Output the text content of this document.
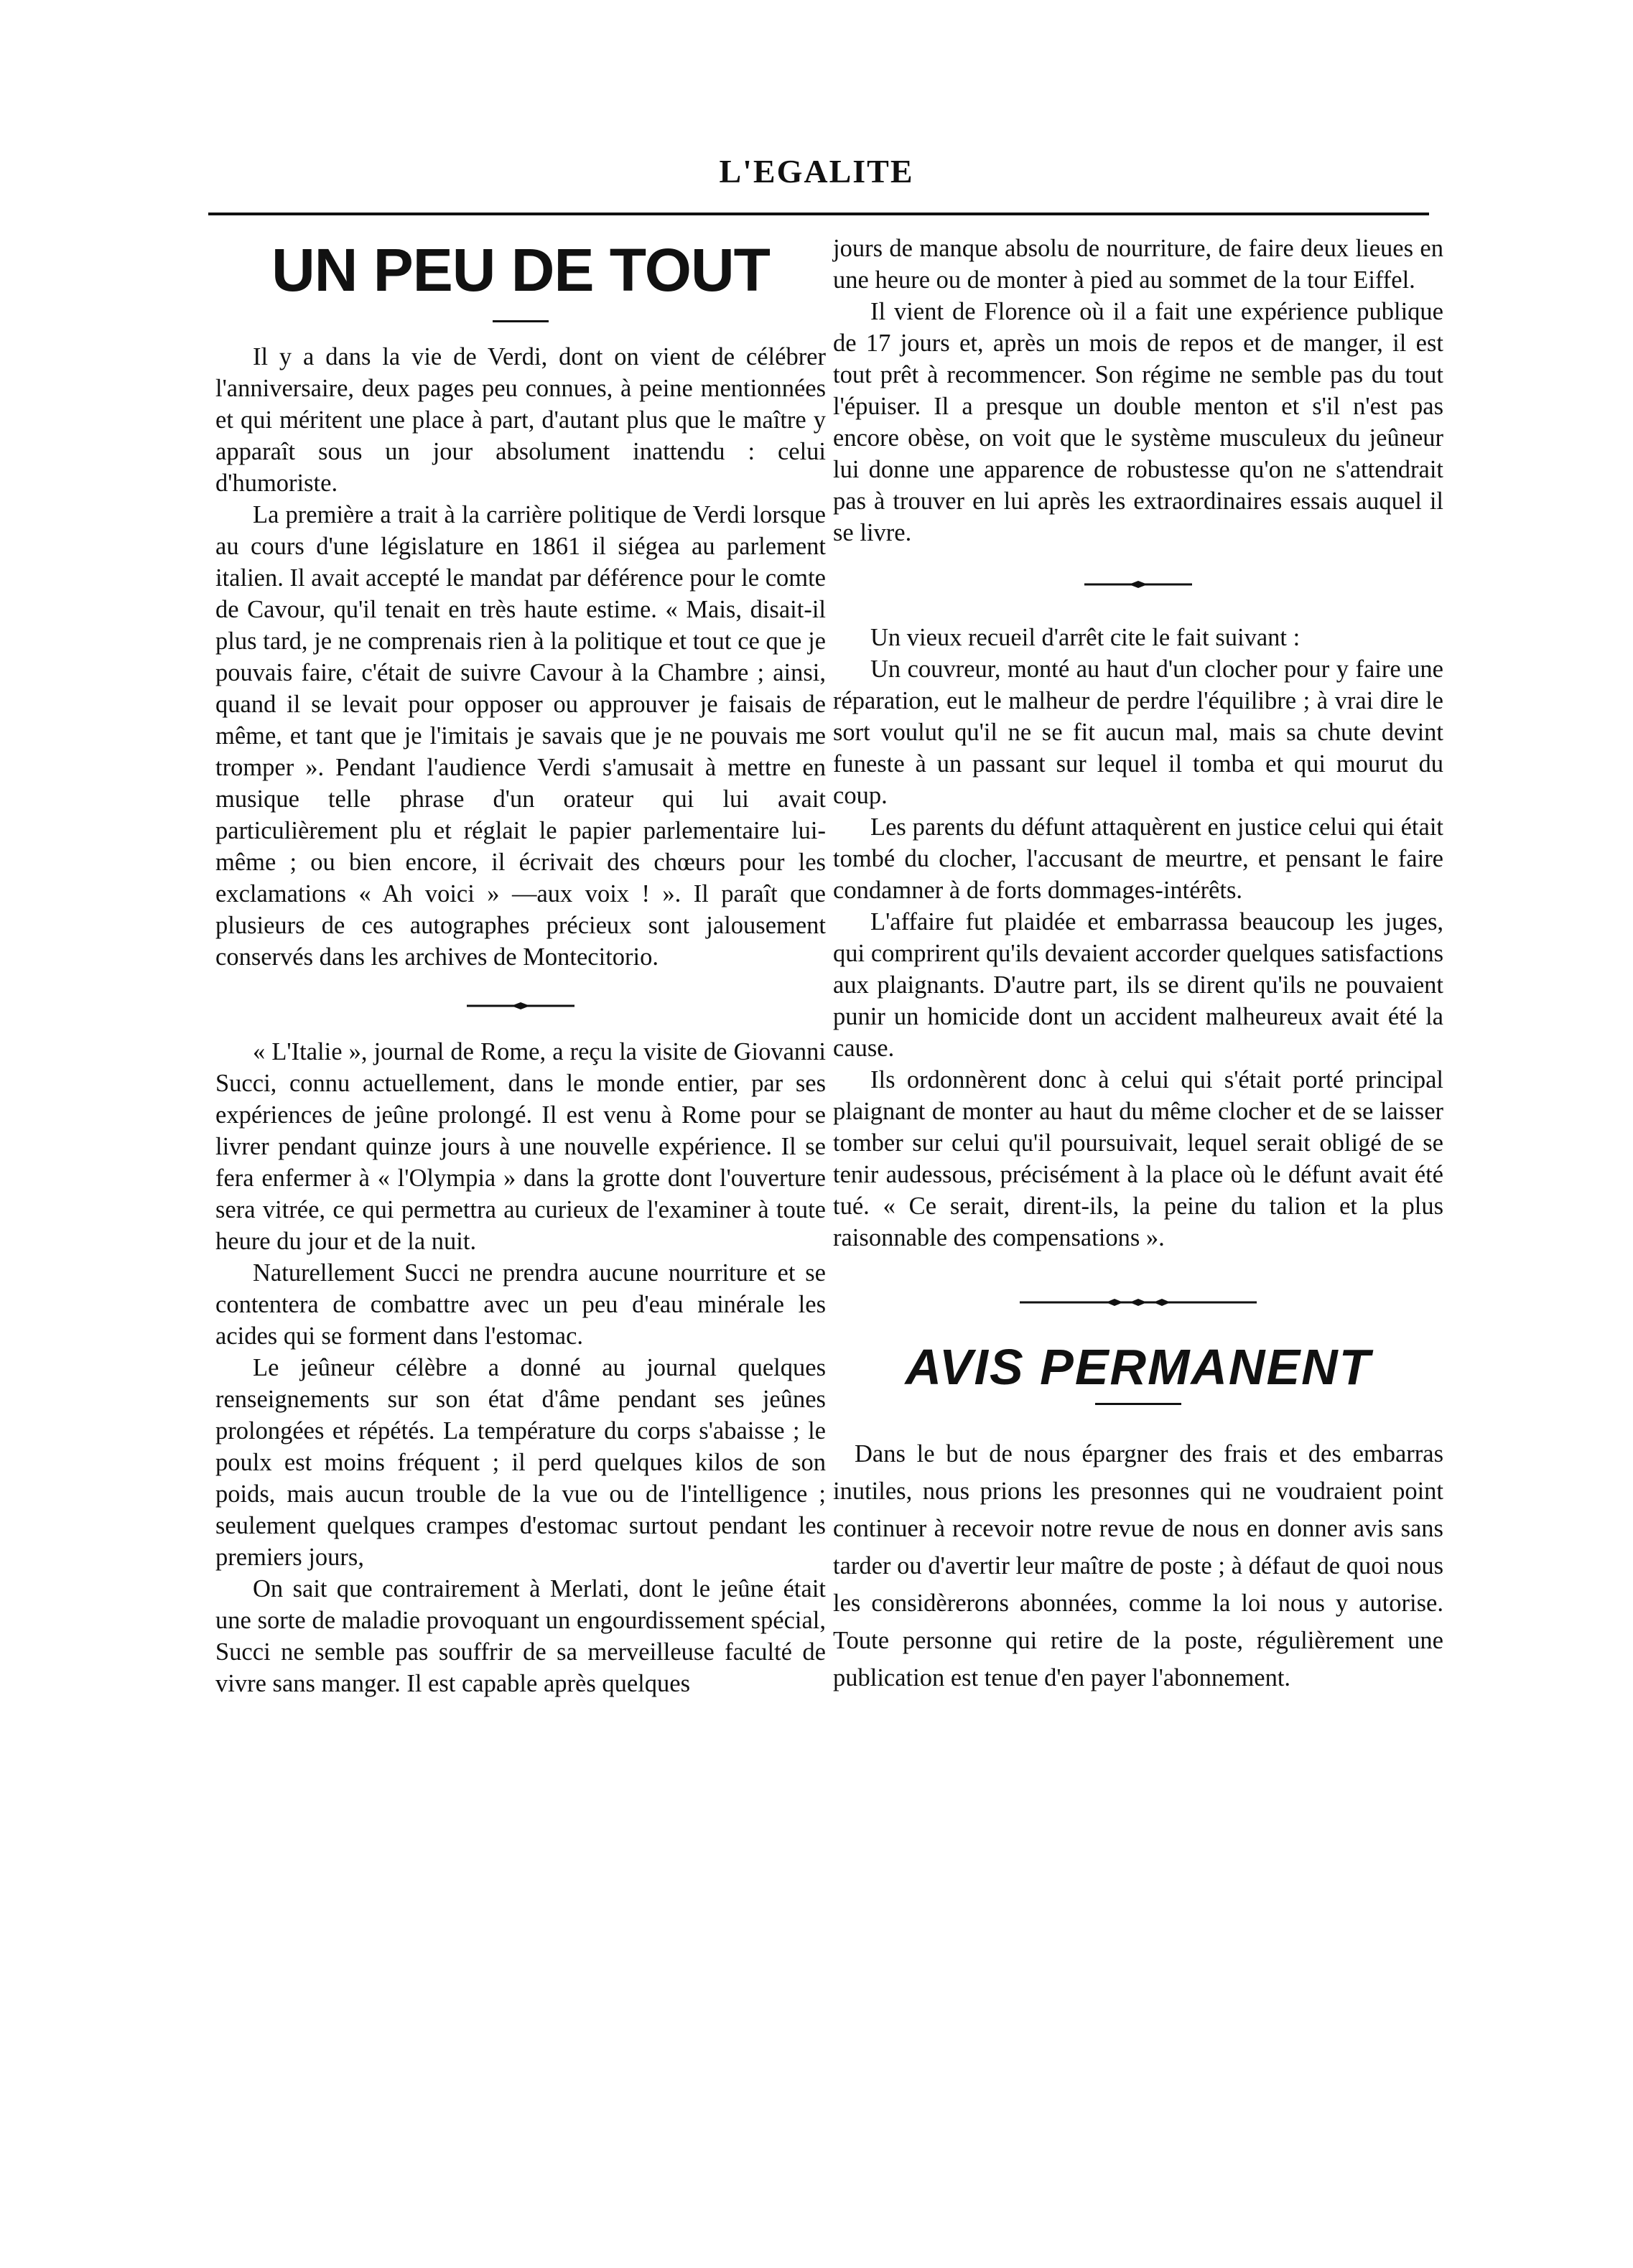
L'EGALITE
UN PEU DE TOUT

Il y a dans la vie de Verdi, dont on vient de célébrer l'anniversaire, deux pages peu connues, à peine mentionnées et qui méritent une place à part, d'autant plus que le maître y apparaît sous un jour absolument inattendu : celui d'humoriste.

La première a trait à la carrière politique de Verdi lorsque au cours d'une législature en 1861 il siégea au parlement italien. Il avait accepté le mandat par déférence pour le comte de Cavour, qu'il tenait en très haute estime. « Mais, disait-il plus tard, je ne comprenais rien à la politique et tout ce que je pouvais faire, c'était de suivre Cavour à la Chambre ; ainsi, quand il se levait pour opposer ou approuver je faisais de même, et tant que je l'imitais je savais que je ne pouvais me tromper ». Pendant l'audience Verdi s'amusait à mettre en musique telle phrase d'un orateur qui lui avait particulièrement plu et réglait le papier parlementaire lui-même ; ou bien encore, il écrivait des chœurs pour les exclamations « Ah voici » —aux voix ! ». Il paraît que plusieurs de ces autographes précieux sont jalousement conservés dans les archives de Montecitorio.

« L'Italie », journal de Rome, a reçu la visite de Giovanni Succi, connu actuellement, dans le monde entier, par ses expériences de jeûne prolongé. Il est venu à Rome pour se livrer pendant quinze jours à une nouvelle expérience. Il se fera enfermer à « l'Olympia » dans la grotte dont l'ouverture sera vitrée, ce qui permettra au curieux de l'examiner à toute heure du jour et de la nuit.

Naturellement Succi ne prendra aucune nourriture et se contentera de combattre avec un peu d'eau minérale les acides qui se forment dans l'estomac.

Le jeûneur célèbre a donné au journal quelques renseignements sur son état d'âme pendant ses jeûnes prolongées et répétés. La température du corps s'abaisse ; le poulx est moins fréquent ; il perd quelques kilos de son poids, mais aucun trouble de la vue ou de l'intelligence ; seulement quelques crampes d'estomac surtout pendant les premiers jours,

On sait que contrairement à Merlati, dont le jeûne était une sorte de maladie provoquant un engourdissement spécial, Succi ne semble pas souffrir de sa merveilleuse faculté de vivre sans manger. Il est capable après quelques

jours de manque absolu de nourriture, de faire deux lieues en une heure ou de monter à pied au sommet de la tour Eiffel.

Il vient de Florence où il a fait une expérience publique de 17 jours et, après un mois de repos et de manger, il est tout prêt à recommencer. Son régime ne semble pas du tout l'épuiser. Il a presque un double menton et s'il n'est pas encore obèse, on voit que le système musculeux du jeûneur lui donne une apparence de robustesse qu'on ne s'attendrait pas à trouver en lui après les extraordinaires essais auquel il se livre.

Un vieux recueil d'arrêt cite le fait suivant :

Un couvreur, monté au haut d'un clocher pour y faire une réparation, eut le malheur de perdre l'équilibre ; à vrai dire le sort voulut qu'il ne se fit aucun mal, mais sa chute devint funeste à un passant sur lequel il tomba et qui mourut du coup.

Les parents du défunt attaquèrent en justice celui qui était tombé du clocher, l'accusant de meurtre, et pensant le faire condamner à de forts dommages-intérêts.

L'affaire fut plaidée et embarrassa beaucoup les juges, qui comprirent qu'ils devaient accorder quelques satisfactions aux plaignants. D'autre part, ils se dirent qu'ils ne pouvaient punir un homicide dont un accident malheureux avait été la cause.

Ils ordonnèrent donc à celui qui s'était porté principal plaignant de monter au haut du même clocher et de se laisser tomber sur celui qu'il poursuivait, lequel serait obligé de se tenir audessous, précisément à la place où le défunt avait été tué. « Ce serait, dirent-ils, la peine du talion et la plus raisonnable des compensations ».

AVIS PERMANENT

Dans le but de nous épargner des frais et des embarras inutiles, nous prions les presonnes qui ne voudraient point continuer à recevoir notre revue de nous en donner avis sans tarder ou d'avertir leur maître de poste ; à défaut de quoi nous les considèrerons abonnées, comme la loi nous y autorise. Toute personne qui retire de la poste, régulièrement une publication est tenue d'en payer l'abonnement.
